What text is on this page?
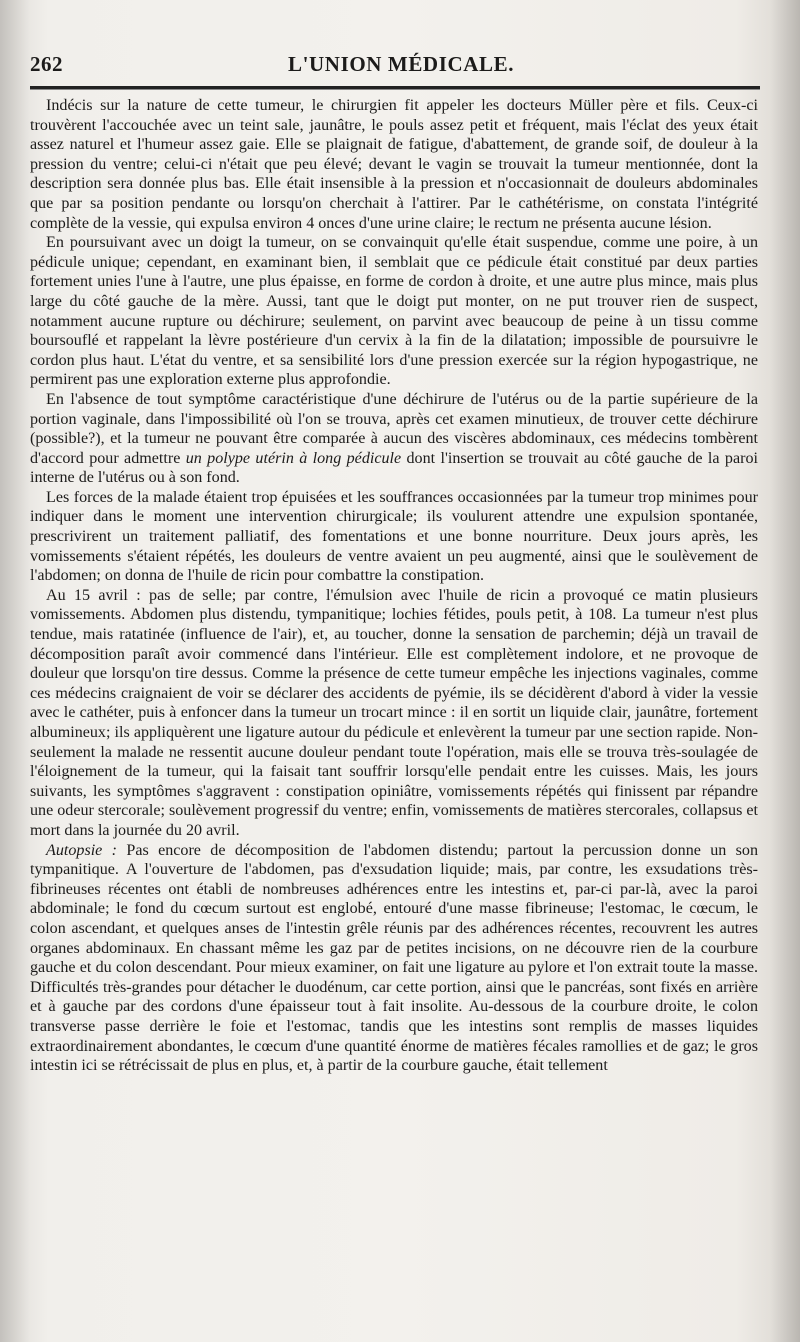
262	L'UNION MÉDICALE.

Indécis sur la nature de cette tumeur, le chirurgien fit appeler les docteurs Müller père et fils. Ceux-ci trouvèrent l'accouchée avec un teint sale, jaunâtre, le pouls assez petit et fréquent, mais l'éclat des yeux était assez naturel et l'humeur assez gaie. Elle se plaignait de fatigue, d'abattement, de grande soif, de douleur à la pression du ventre; celui-ci n'était que peu élevé; devant le vagin se trouvait la tumeur mentionnée, dont la description sera donnée plus bas. Elle était insensible à la pression et n'occasionnait de douleurs abdominales que par sa position pendante ou lorsqu'on cherchait à l'attirer. Par le cathétérisme, on constata l'intégrité complète de la vessie, qui expulsa environ 4 onces d'une urine claire; le rectum ne présenta aucune lésion.

En poursuivant avec un doigt la tumeur, on se convainquit qu'elle était suspendue, comme une poire, à un pédicule unique; cependant, en examinant bien, il semblait que ce pédicule était constitué par deux parties fortement unies l'une à l'autre, une plus épaisse, en forme de cordon à droite, et une autre plus mince, mais plus large du côté gauche de la mère. Aussi, tant que le doigt put monter, on ne put trouver rien de suspect, notamment aucune rupture ou déchirure; seulement, on parvint avec beaucoup de peine à un tissu comme boursouflé et rappelant la lèvre postérieure d'un cervix à la fin de la dilatation; impossible de poursuivre le cordon plus haut. L'état du ventre, et sa sensibilité lors d'une pression exercée sur la région hypogastrique, ne permirent pas une exploration externe plus approfondie.

En l'absence de tout symptôme caractéristique d'une déchirure de l'utérus ou de la partie supérieure de la portion vaginale, dans l'impossibilité où l'on se trouva, après cet examen minutieux, de trouver cette déchirure (possible?), et la tumeur ne pouvant être comparée à aucun des viscères abdominaux, ces médecins tombèrent d'accord pour admettre un polype utérin à long pédicule dont l'insertion se trouvait au côté gauche de la paroi interne de l'utérus ou à son fond.

Les forces de la malade étaient trop épuisées et les souffrances occasionnées par la tumeur trop minimes pour indiquer dans le moment une intervention chirurgicale; ils voulurent attendre une expulsion spontanée, prescrivirent un traitement palliatif, des fomentations et une bonne nourriture. Deux jours après, les vomissements s'étaient répétés, les douleurs de ventre avaient un peu augmenté, ainsi que le soulèvement de l'abdomen; on donna de l'huile de ricin pour combattre la constipation.

Au 15 avril : pas de selle; par contre, l'émulsion avec l'huile de ricin a provoqué ce matin plusieurs vomissements. Abdomen plus distendu, tympanitique; lochies fétides, pouls petit, à 108. La tumeur n'est plus tendue, mais ratatinée (influence de l'air), et, au toucher, donne la sensation de parchemin; déjà un travail de décomposition paraît avoir commencé dans l'intérieur. Elle est complètement indolore, et ne provoque de douleur que lorsqu'on tire dessus. Comme la présence de cette tumeur empêche les injections vaginales, comme ces médecins craignaient de voir se déclarer des accidents de pyémie, ils se décidèrent d'abord à vider la vessie avec le cathéter, puis à enfoncer dans la tumeur un trocart mince : il en sortit un liquide clair, jaunâtre, fortement albumineux; ils appliquèrent une ligature autour du pédicule et enlevèrent la tumeur par une section rapide. Non-seulement la malade ne ressentit aucune douleur pendant toute l'opération, mais elle se trouva très-soulagée de l'éloignement de la tumeur, qui la faisait tant souffrir lorsqu'elle pendait entre les cuisses. Mais, les jours suivants, les symptômes s'aggravent : constipation opiniâtre, vomissements répétés qui finissent par répandre une odeur stercorale; soulèvement progressif du ventre; enfin, vomissements de matières stercorales, collapsus et mort dans la journée du 20 avril.

Autopsie : Pas encore de décomposition de l'abdomen distendu; partout la percussion donne un son tympanitique. A l'ouverture de l'abdomen, pas d'exsudation liquide; mais, par contre, les exsudations très-fibrineuses récentes ont établi de nombreuses adhérences entre les intestins et, par-ci par-là, avec la paroi abdominale; le fond du cœcum surtout est englobé, entouré d'une masse fibrineuse; l'estomac, le cœcum, le colon ascendant, et quelques anses de l'intestin grêle réunis par des adhérences récentes, recouvrent les autres organes abdominaux. En chassant même les gaz par de petites incisions, on ne découvre rien de la courbure gauche et du colon descendant. Pour mieux examiner, on fait une ligature au pylore et l'on extrait toute la masse. Difficultés très-grandes pour détacher le duodénum, car cette portion, ainsi que le pancréas, sont fixés en arrière et à gauche par des cordons d'une épaisseur tout à fait insolite. Au-dessous de la courbure droite, le colon transverse passe derrière le foie et l'estomac, tandis que les intestins sont remplis de masses liquides extraordinairement abondantes, le cœcum d'une quantité énorme de matières fécales ramollies et de gaz; le gros intestin ici se rétrécissait de plus en plus, et, à partir de la courbure gauche, était tellement
